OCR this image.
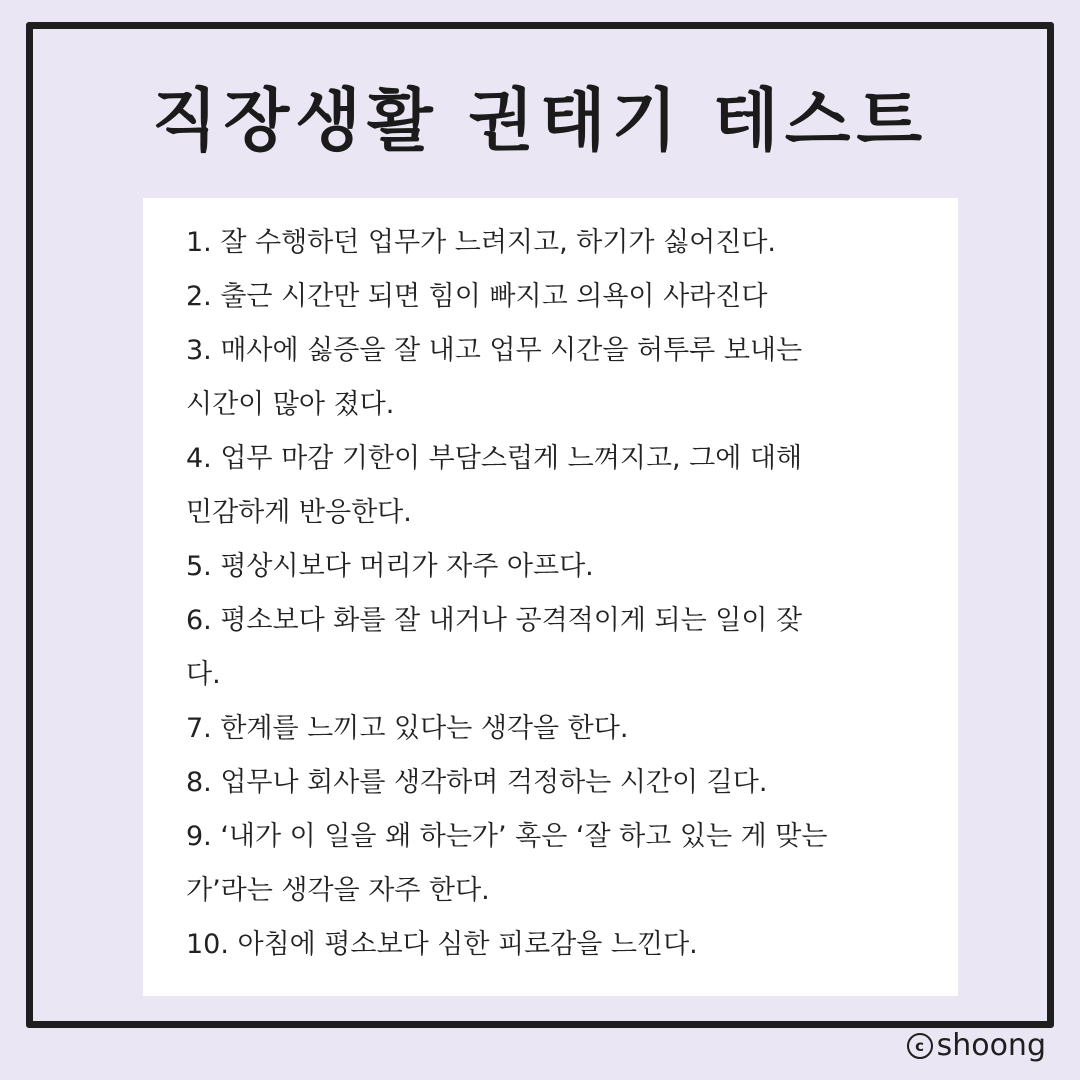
직장생활 권태기 테스트
1. 잘 수행하던 업무가 느려지고, 하기가 싫어진다.
2. 출근 시간만 되면 힘이 빠지고 의욕이 사라진다
3. 매사에 싫증을 잘 내고 업무 시간을 허투루 보내는
시간이 많아 졌다.
4. 업무 마감 기한이 부담스럽게 느껴지고, 그에 대해
민감하게 반응한다.
5. 평상시보다 머리가 자주 아프다.
6. 평소보다 화를 잘 내거나 공격적이게 되는 일이 잦
다.
7. 한계를 느끼고 있다는 생각을 한다.
8. 업무나 회사를 생각하며 걱정하는 시간이 길다.
9. ‘내가 이 일을 왜 하는가’ 혹은 ‘잘 하고 있는 게 맞는
가’라는 생각을 자주 한다.
10. 아침에 평소보다 심한 피로감을 느낀다.
c shoong
